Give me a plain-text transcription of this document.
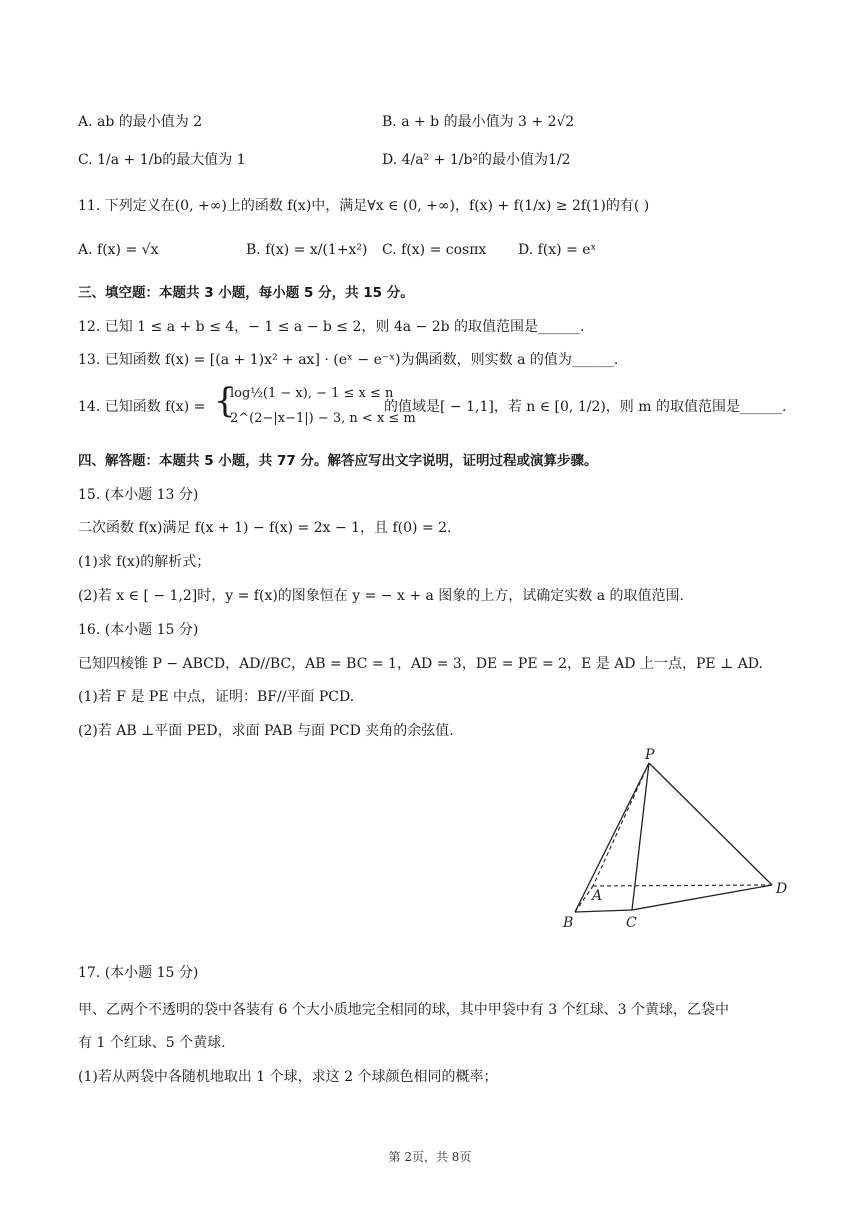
A. ab 的最小值为 2	B. a + b 的最小值为 3 + 2√2
C. 1/a + 1/b的最大值为 1	D. 4/a² + 1/b²的最小值为1/2
11. 下列定义在(0, +∞)上的函数 f(x)中，满足∀x ∈ (0, +∞)，f(x) + f(1/x) ≥ 2f(1)的有( )
A. f(x) = √x	B. f(x) = x/(1+x²) C. f(x) = cosπx D. f(x) = eˣ
三、填空题：本题共 3 小题，每小题 5 分，共 15 分。
12. 已知 1 ≤ a + b ≤ 4，− 1 ≤ a − b ≤ 2，则 4a − 2b 的取值范围是______.
13. 已知函数 f(x) = [(a + 1)x² + ax] · (eˣ − e⁻ˣ)为偶函数，则实数 a 的值为______.
14. 已知函数 f(x) = {
log½(1 − x), − 1 ≤ x ≤ n
2^(2−|x−1|) − 3, n < x ≤ m
的值域是[ − 1,1]，若 n ∈ [0, 1/2)，则 m 的取值范围是______.
四、解答题：本题共 5 小题，共 77 分。解答应写出文字说明，证明过程或演算步骤。
15. (本小题 13 分)
二次函数 f(x)满足 f(x + 1) − f(x) = 2x − 1，且 f(0) = 2.
(1)求 f(x)的解析式；
(2)若 x ∈ [ − 1,2]时，y = f(x)的图象恒在 y = − x + a 图象的上方，试确定实数 a 的取值范围.
16. (本小题 15 分)
已知四棱锥 P − ABCD，AD//BC，AB = BC = 1，AD = 3，DE = PE = 2，E 是 AD 上一点，PE ⊥ AD.
(1)若 F 是 PE 中点，证明：BF//平面 PCD.
(2)若 AB ⊥平面 PED，求面 PAB 与面 PCD 夹角的余弦值.
P
A
B	C
D
17. (本小题 15 分)
甲、乙两个不透明的袋中各装有 6 个大小质地完全相同的球，其中甲袋中有 3 个红球、3 个黄球，乙袋中
有 1 个红球、5 个黄球.
(1)若从两袋中各随机地取出 1 个球，求这 2 个球颜色相同的概率；
第 2页，共 8页
